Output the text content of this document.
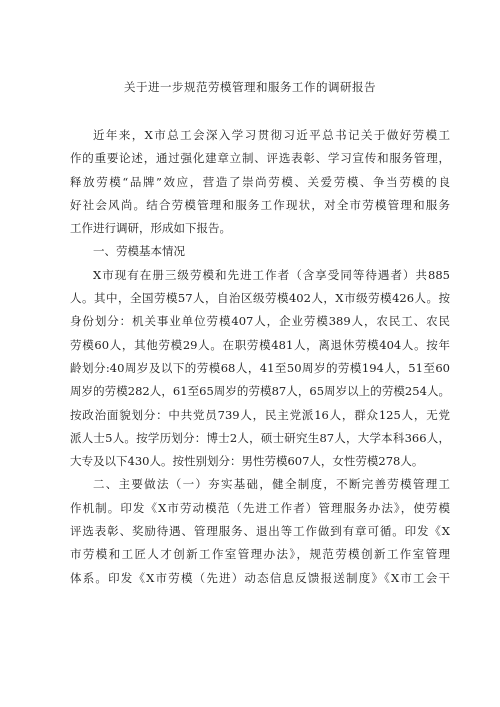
关于进一步规范劳模管理和服务工作的调研报告
近年来，X市总工会深入学习贯彻习近平总书记关于做好劳模工
作的重要论述，通过强化建章立制、评选表彰、学习宣传和服务管理，
释放劳模“品牌”效应，营造了崇尚劳模、关爱劳模、争当劳模的良
好社会风尚。结合劳模管理和服务工作现状，对全市劳模管理和服务
工作进行调研，形成如下报告。
一、劳模基本情况
X市现有在册三级劳模和先进工作者（含享受同等待遇者）共885
人。其中，全国劳模57人，自治区级劳模402人，X市级劳模426人。按
身份划分：机关事业单位劳模407人，企业劳模389人，农民工、农民
劳模60人，其他劳模29人。在职劳模481人，离退休劳模404人。按年
龄划分:40周岁及以下的劳模68人，41至50周岁的劳模194人，51至60
周岁的劳模282人，61至65周岁的劳模87人，65周岁以上的劳模254人。
按政治面貌划分：中共党员739人，民主党派16人，群众125人，无党
派人士5人。按学历划分：博士2人，硕士研究生87人，大学本科366人，
大专及以下430人。按性别划分：男性劳模607人，女性劳模278人。
二、主要做法（一）夯实基础，健全制度，不断完善劳模管理工
作机制。印发《X市劳动模范（先进工作者）管理服务办法》，使劳模
评选表彰、奖励待遇、管理服务、退出等工作做到有章可循。印发《X
市劳模和工匠人才创新工作室管理办法》，规范劳模创新工作室管理
体系。印发《X市劳模（先进）动态信息反馈报送制度》《X市工会干
